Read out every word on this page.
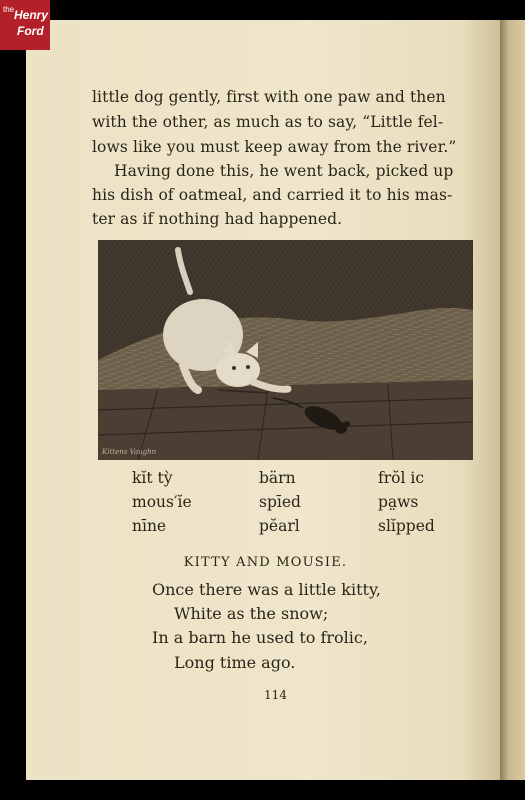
the Henry
Ford
little dog gently, first with one paw and then
with the other, as much as to say, “Little fel-
lows like you must keep away from the river.”
Having done this, he went back, picked up
his dish of oatmeal, and carried it to his mas-
ter as if nothing had happened.
Kittens Vaughn
kĭt tỳ	bärn	frŏl ic
mous′ĭe	spīed	pa̤ws
nīne	pĕarl	slĭpped
KITTY AND MOUSIE.
Once there was a little kitty,
White as the snow;
In a barn he used to frolic,
Long time ago.
114
